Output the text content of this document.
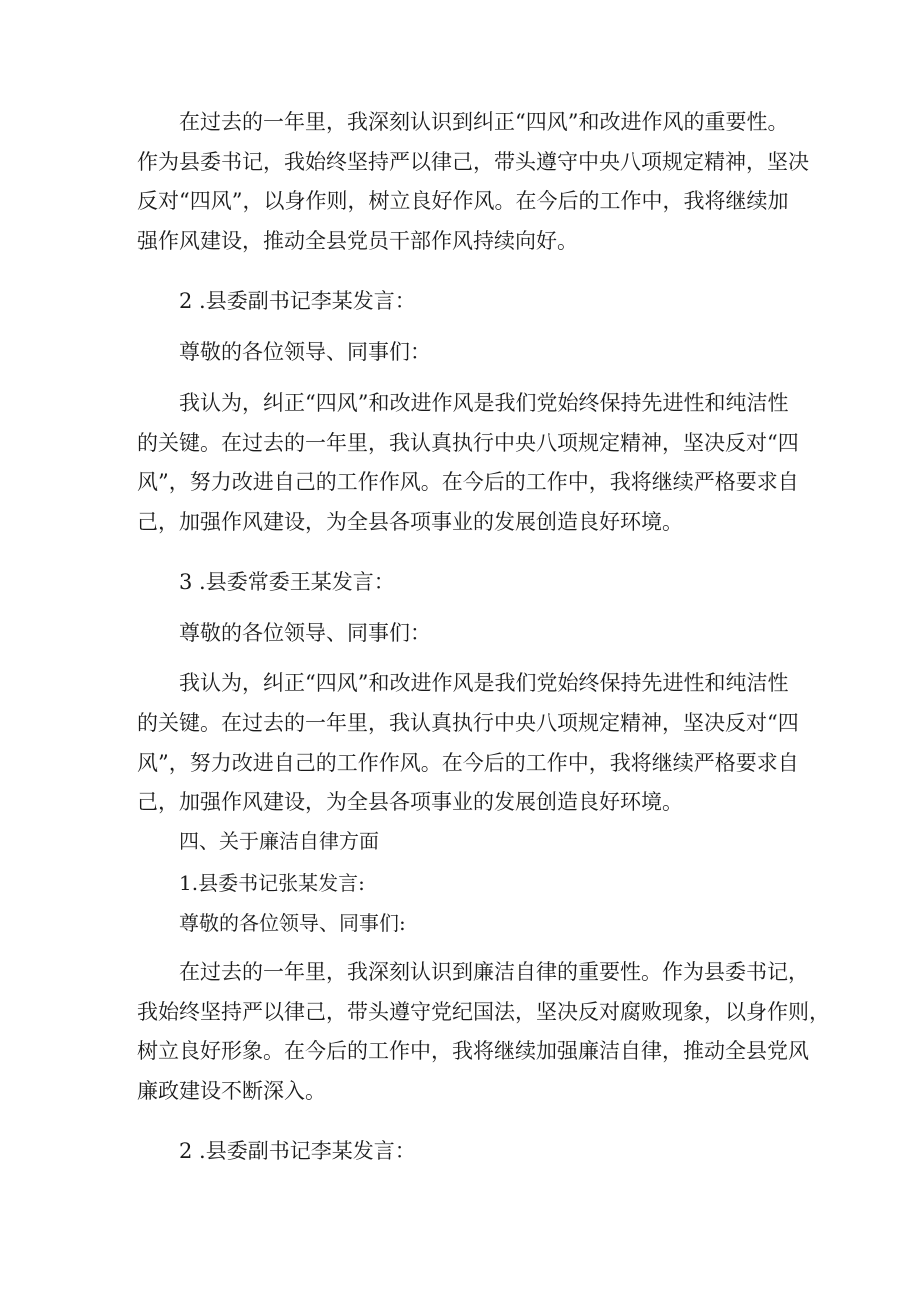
在过去的一年里，我深刻认识到纠正“四风”和改进作风的重要性。
作为县委书记，我始终坚持严以律己，带头遵守中央八项规定精神，坚决
反对“四风”，以身作则，树立良好作风。在今后的工作中，我将继续加
强作风建设，推动全县党员干部作风持续向好。
2 .县委副书记李某发言：
尊敬的各位领导、同事们：
我认为，纠正“四风”和改进作风是我们党始终保持先进性和纯洁性
的关键。在过去的一年里，我认真执行中央八项规定精神，坚决反对“四
风”，努力改进自己的工作作风。在今后的工作中，我将继续严格要求自
己，加强作风建设，为全县各项事业的发展创造良好环境。
3 .县委常委王某发言：
尊敬的各位领导、同事们：
我认为，纠正“四风”和改进作风是我们党始终保持先进性和纯洁性
的关键。在过去的一年里，我认真执行中央八项规定精神，坚决反对“四
风”，努力改进自己的工作作风。在今后的工作中，我将继续严格要求自
己，加强作风建设，为全县各项事业的发展创造良好环境。
四、关于廉洁自律方面
1.县委书记张某发言:
尊敬的各位领导、同事们:
在过去的一年里，我深刻认识到廉洁自律的重要性。作为县委书记，
我始终坚持严以律己，带头遵守党纪国法，坚决反对腐败现象，以身作则，
树立良好形象。在今后的工作中，我将继续加强廉洁自律，推动全县党风
廉政建设不断深入。
2 .县委副书记李某发言：
